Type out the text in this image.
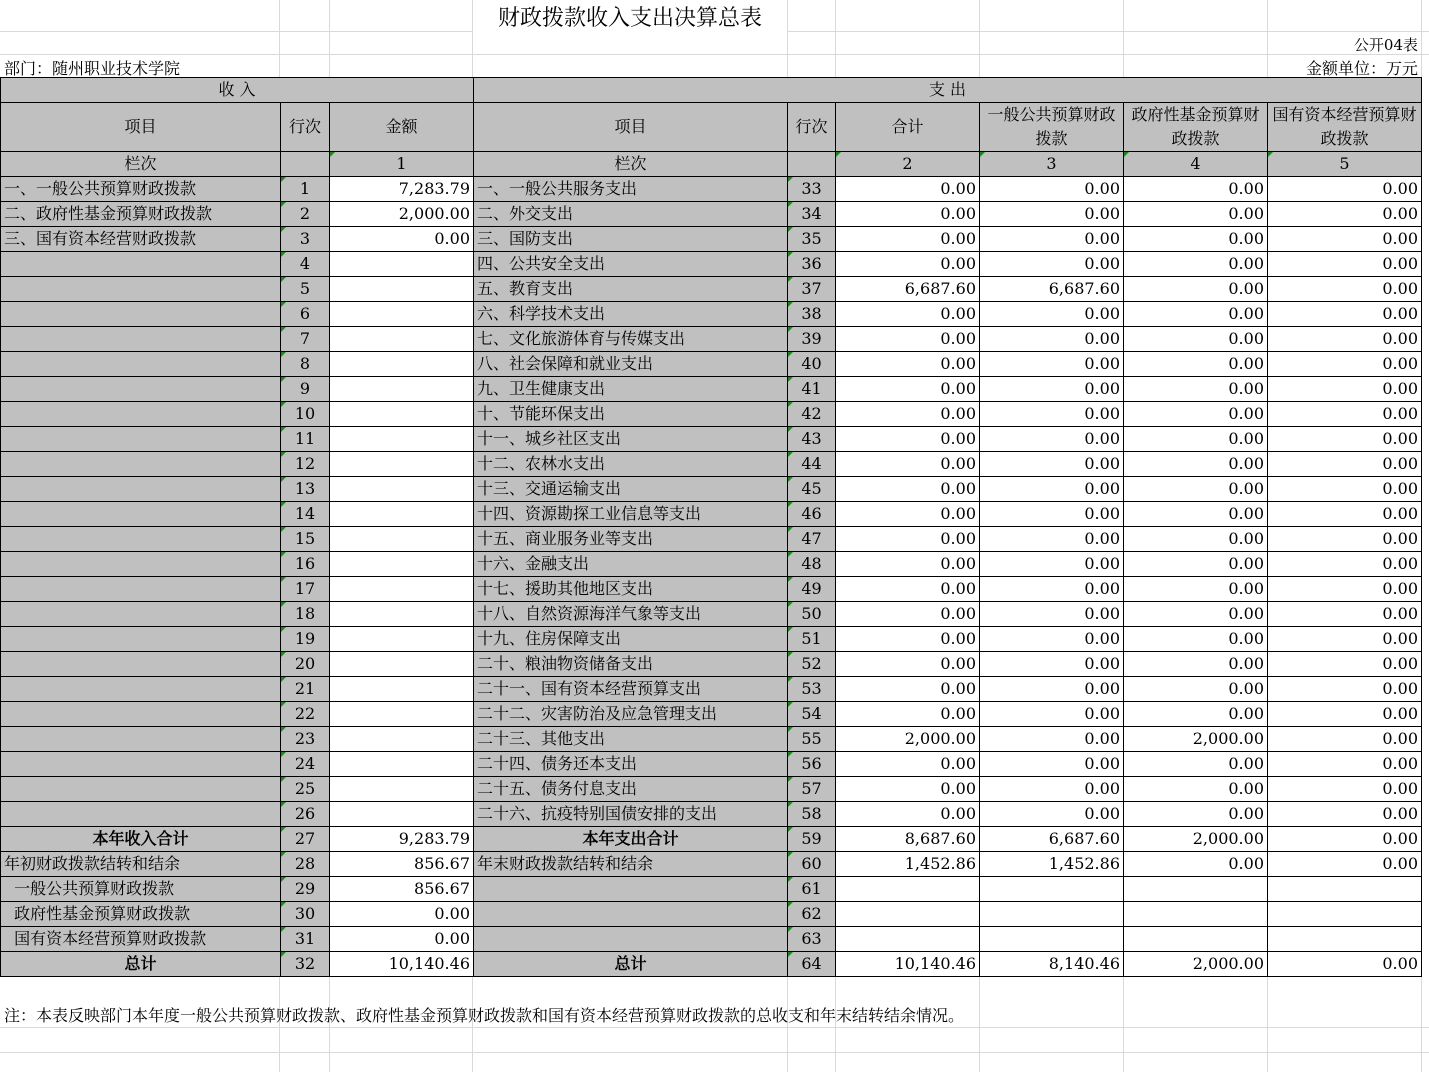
财政拨款收入支出决算总表
公开04表
部门：随州职业技术学院	金额单位：万元
收 入			支 出					
项目	行次	金额	项目	行次	合计	一般公共预算财政拨款	政府性基金预算财政拨款	国有资本经营预算财政拨款
栏次		1	栏次		2	3	4	5
一、一般公共预算财政拨款	1	7,283.79	一、一般公共服务支出	33	0.00	0.00	0.00	0.00
二、政府性基金预算财政拨款	2	2,000.00	二、外交支出	34	0.00	0.00	0.00	0.00
三、国有资本经营财政拨款	3	0.00	三、国防支出	35	0.00	0.00	0.00	0.00
	4		四、公共安全支出	36	0.00	0.00	0.00	0.00
	5		五、教育支出	37	6,687.60	6,687.60	0.00	0.00
	6		六、科学技术支出	38	0.00	0.00	0.00	0.00
	7		七、文化旅游体育与传媒支出	39	0.00	0.00	0.00	0.00
	8		八、社会保障和就业支出	40	0.00	0.00	0.00	0.00
	9		九、卫生健康支出	41	0.00	0.00	0.00	0.00
	10		十、节能环保支出	42	0.00	0.00	0.00	0.00
	11		十一、城乡社区支出	43	0.00	0.00	0.00	0.00
	12		十二、农林水支出	44	0.00	0.00	0.00	0.00
	13		十三、交通运输支出	45	0.00	0.00	0.00	0.00
	14		十四、资源勘探工业信息等支出	46	0.00	0.00	0.00	0.00
	15		十五、商业服务业等支出	47	0.00	0.00	0.00	0.00
	16		十六、金融支出	48	0.00	0.00	0.00	0.00
	17		十七、援助其他地区支出	49	0.00	0.00	0.00	0.00
	18		十八、自然资源海洋气象等支出	50	0.00	0.00	0.00	0.00
	19		十九、住房保障支出	51	0.00	0.00	0.00	0.00
	20		二十、粮油物资储备支出	52	0.00	0.00	0.00	0.00
	21		二十一、国有资本经营预算支出	53	0.00	0.00	0.00	0.00
	22		二十二、灾害防治及应急管理支出	54	0.00	0.00	0.00	0.00
	23		二十三、其他支出	55	2,000.00	0.00	2,000.00	0.00
	24		二十四、债务还本支出	56	0.00	0.00	0.00	0.00
	25		二十五、债务付息支出	57	0.00	0.00	0.00	0.00
	26		二十六、抗疫特别国债安排的支出	58	0.00	0.00	0.00	0.00
本年收入合计	27	9,283.79	本年支出合计	59	8,687.60	6,687.60	2,000.00	0.00
年初财政拨款结转和结余	28	856.67	年末财政拨款结转和结余	60	1,452.86	1,452.86	0.00	0.00
一般公共预算财政拨款	29	856.67		61				
政府性基金预算财政拨款	30	0.00		62				
国有资本经营预算财政拨款	31	0.00		63				
总计	32	10,140.46	总计	64	10,140.46	8,140.46	2,000.00	0.00
注：本表反映部门本年度一般公共预算财政拨款、政府性基金预算财政拨款和国有资本经营预算财政拨款的总收支和年末结转结余情况。
